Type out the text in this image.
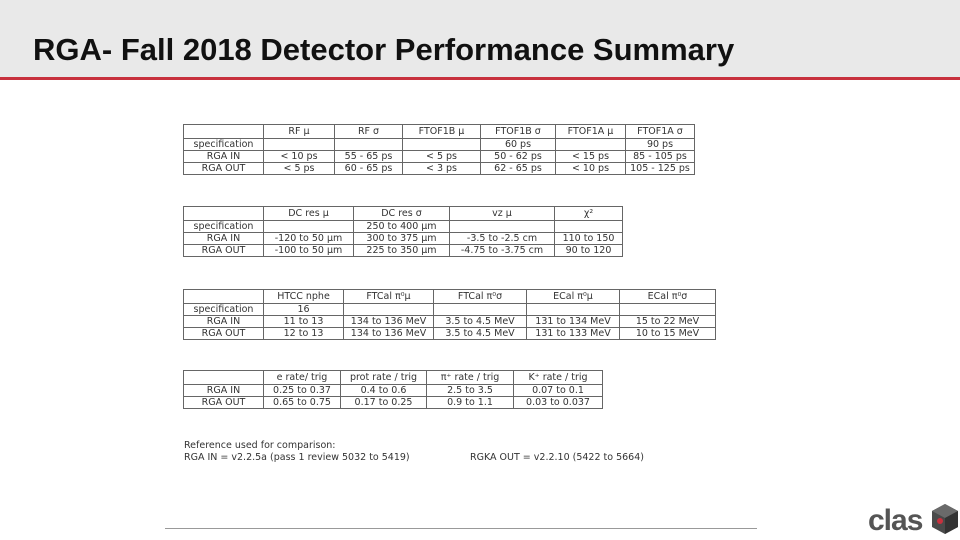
RGA- Fall 2018 Detector Performance Summary
	RF μ	RF σ	FTOF1B μ	FTOF1B σ	FTOF1A μ	FTOF1A σ
specification				60 ps		90 ps
RGA IN	< 10 ps	55 - 65 ps	< 5 ps	50 - 62 ps	< 15 ps	85 - 105 ps
RGA OUT	< 5 ps	60 - 65 ps	< 3 ps	62 - 65 ps	< 10 ps	105 - 125 ps
	DC res μ	DC res σ	vz μ	χ²
specification		250 to 400 μm		
RGA IN	-120 to 50 μm	300 to 375 μm	-3.5 to -2.5 cm	110 to 150
RGA OUT	-100 to 50 μm	225 to 350 μm	-4.75 to -3.75 cm	90 to 120
	HTCC nphe	FTCal π⁰μ	FTCal π⁰σ	ECal π⁰μ	ECal π⁰σ
specification	16				
RGA IN	11 to 13	134 to 136 MeV	3.5 to 4.5 MeV	131 to 134 MeV	15 to 22 MeV
RGA OUT	12 to 13	134 to 136 MeV	3.5 to 4.5 MeV	131 to 133 MeV	10 to 15 MeV
	e rate/ trig	prot rate / trig	π⁺ rate / trig	K⁺ rate / trig
RGA IN	0.25 to 0.37	0.4 to 0.6	2.5 to 3.5	0.07 to 0.1
RGA OUT	0.65 to 0.75	0.17 to 0.25	0.9 to 1.1	0.03 to 0.037
Reference used for comparison:
RGA IN = v2.2.5a (pass 1 review 5032 to 5419)	RGKA OUT = v2.2.10 (5422 to 5664)
clas
